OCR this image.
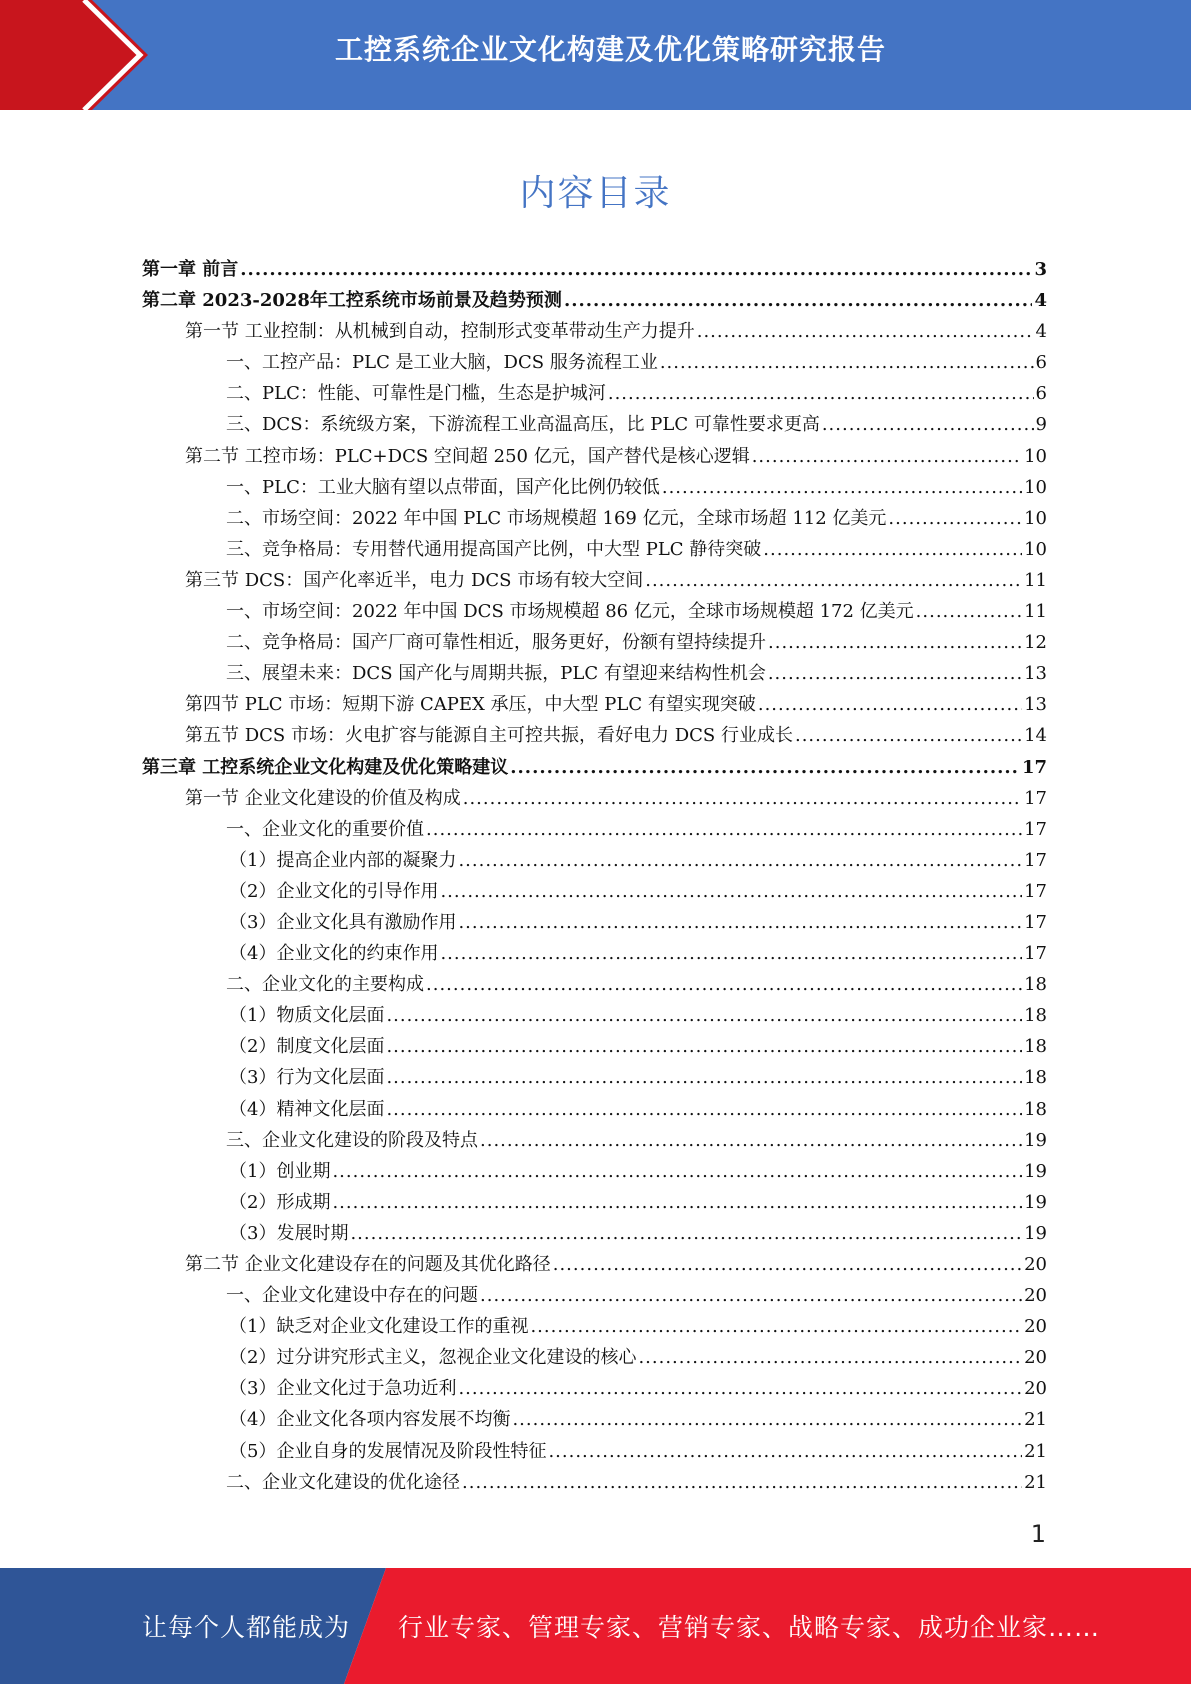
工控系统企业文化构建及优化策略研究报告
内容目录
第一章 前言 .....	3
第二章 2023-2028年工控系统市场前景及趋势预测 .....	4
第一节 工业控制：从机械到自动，控制形式变革带动生产力提升 .....	4
一、工控产品：PLC 是工业大脑，DCS 服务流程工业 .....	6
二、PLC：性能、可靠性是门槛，生态是护城河 .....	6
三、DCS：系统级方案，下游流程工业高温高压，比 PLC 可靠性要求更高 .....	9
第二节 工控市场：PLC+DCS 空间超 250 亿元，国产替代是核心逻辑 .....	10
一、PLC：工业大脑有望以点带面，国产化比例仍较低 .....	10
二、市场空间：2022 年中国 PLC 市场规模超 169 亿元，全球市场超 112 亿美元 .....	10
三、竞争格局：专用替代通用提高国产比例，中大型 PLC 静待突破 .....	10
第三节 DCS：国产化率近半，电力 DCS 市场有较大空间 .....	11
一、市场空间：2022 年中国 DCS 市场规模超 86 亿元，全球市场规模超 172 亿美元 .....	11
二、竞争格局：国产厂商可靠性相近，服务更好，份额有望持续提升 .....	12
三、展望未来：DCS 国产化与周期共振，PLC 有望迎来结构性机会 .....	13
第四节 PLC 市场：短期下游 CAPEX 承压，中大型 PLC 有望实现突破 .....	13
第五节 DCS 市场：火电扩容与能源自主可控共振，看好电力 DCS 行业成长 .....	14
第三章 工控系统企业文化构建及优化策略建议 .....	17
第一节 企业文化建设的价值及构成 .....	17
一、企业文化的重要价值 .....	17
（1）提高企业内部的凝聚力 .....	17
（2）企业文化的引导作用 .....	17
（3）企业文化具有激励作用 .....	17
（4）企业文化的约束作用 .....	17
二、企业文化的主要构成 .....	18
（1）物质文化层面 .....	18
（2）制度文化层面 .....	18
（3）行为文化层面 .....	18
（4）精神文化层面 .....	18
三、企业文化建设的阶段及特点 .....	19
（1）创业期 .....	19
（2）形成期 .....	19
（3）发展时期 .....	19
第二节 企业文化建设存在的问题及其优化路径 .....	20
一、企业文化建设中存在的问题 .....	20
（1）缺乏对企业文化建设工作的重视 .....	20
（2）过分讲究形式主义，忽视企业文化建设的核心 .....	20
（3）企业文化过于急功近利 .....	20
（4）企业文化各项内容发展不均衡 .....	21
（5）企业自身的发展情况及阶段性特征 .....	21
二、企业文化建设的优化途径 .....	21
1
让每个人都能成为 行业专家、管理专家、营销专家、战略专家、成功企业家……
